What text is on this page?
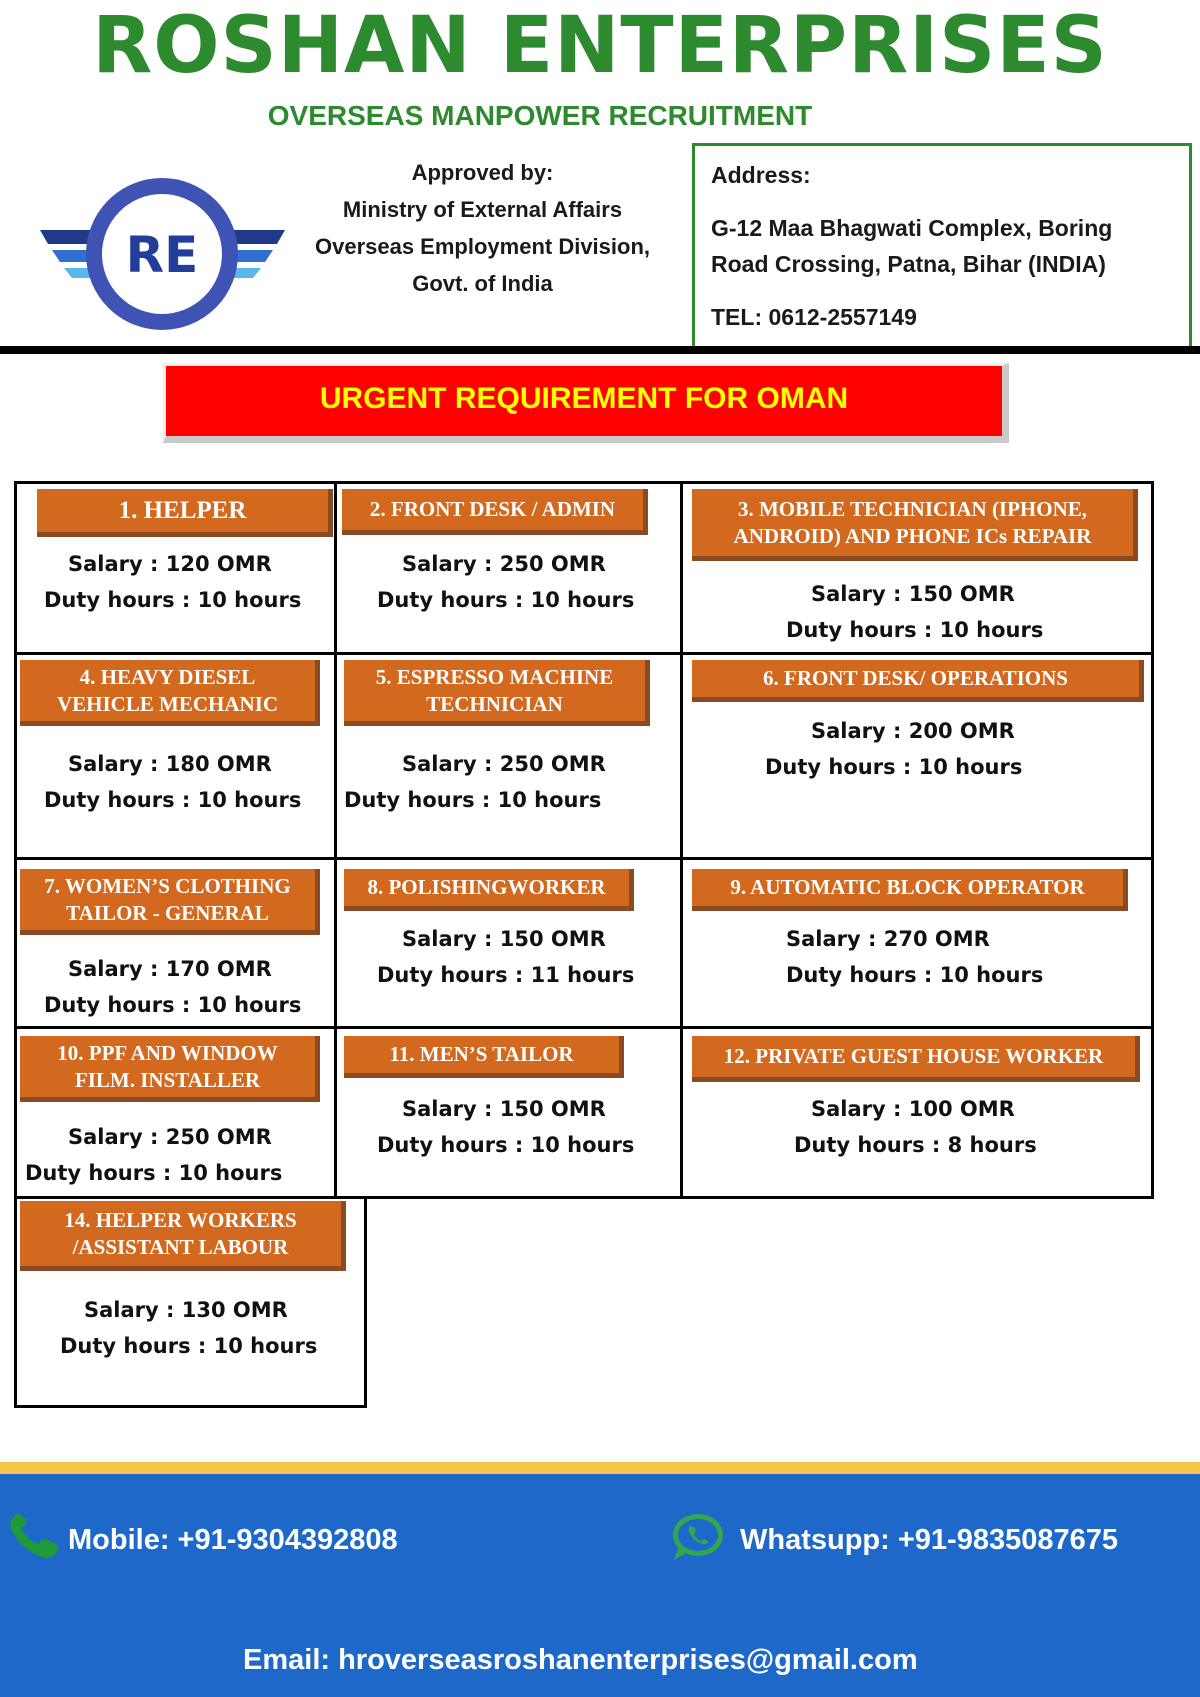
ROSHAN ENTERPRISES
OVERSEAS MANPOWER RECRUITMENT
RE
Approved by:
Ministry of External Affairs
Overseas Employment Division,
Govt. of India
Address:
G-12 Maa Bhagwati Complex, Boring
Road Crossing, Patna, Bihar (INDIA)
TEL: 0612-2557149
URGENT REQUIREMENT FOR OMAN
1. HELPER
Salary : 120 OMR
Duty hours : 10 hours
2. FRONT DESK / ADMIN
Salary : 250 OMR
Duty hours : 10 hours
3. MOBILE TECHNICIAN (IPHONE,
ANDROID) AND PHONE ICs REPAIR
Salary : 150 OMR
Duty hours : 10 hours
4. HEAVY DIESEL
VEHICLE MECHANIC
Salary : 180 OMR
Duty hours : 10 hours
5. ESPRESSO MACHINE
TECHNICIAN
Salary : 250 OMR
Duty hours : 10 hours
6. FRONT DESK/ OPERATIONS
Salary : 200 OMR
Duty hours : 10 hours
7. WOMEN’S CLOTHING
TAILOR - GENERAL
Salary : 170 OMR
Duty hours : 10 hours
8. POLISHINGWORKER
Salary : 150 OMR
Duty hours : 11 hours
9. AUTOMATIC BLOCK OPERATOR
Salary : 270 OMR
Duty hours : 10 hours
10. PPF AND WINDOW
FILM. INSTALLER
Salary : 250 OMR
Duty hours : 10 hours
11. MEN’S TAILOR
Salary : 150 OMR
Duty hours : 10 hours
12. PRIVATE GUEST HOUSE WORKER
Salary : 100 OMR
Duty hours : 8 hours
14. HELPER WORKERS
/ASSISTANT LABOUR
Salary : 130 OMR
Duty hours : 10 hours
Mobile: +91-9304392808	Whatsupp: +91-9835087675
Email: hroverseasroshanenterprises@gmail.com
